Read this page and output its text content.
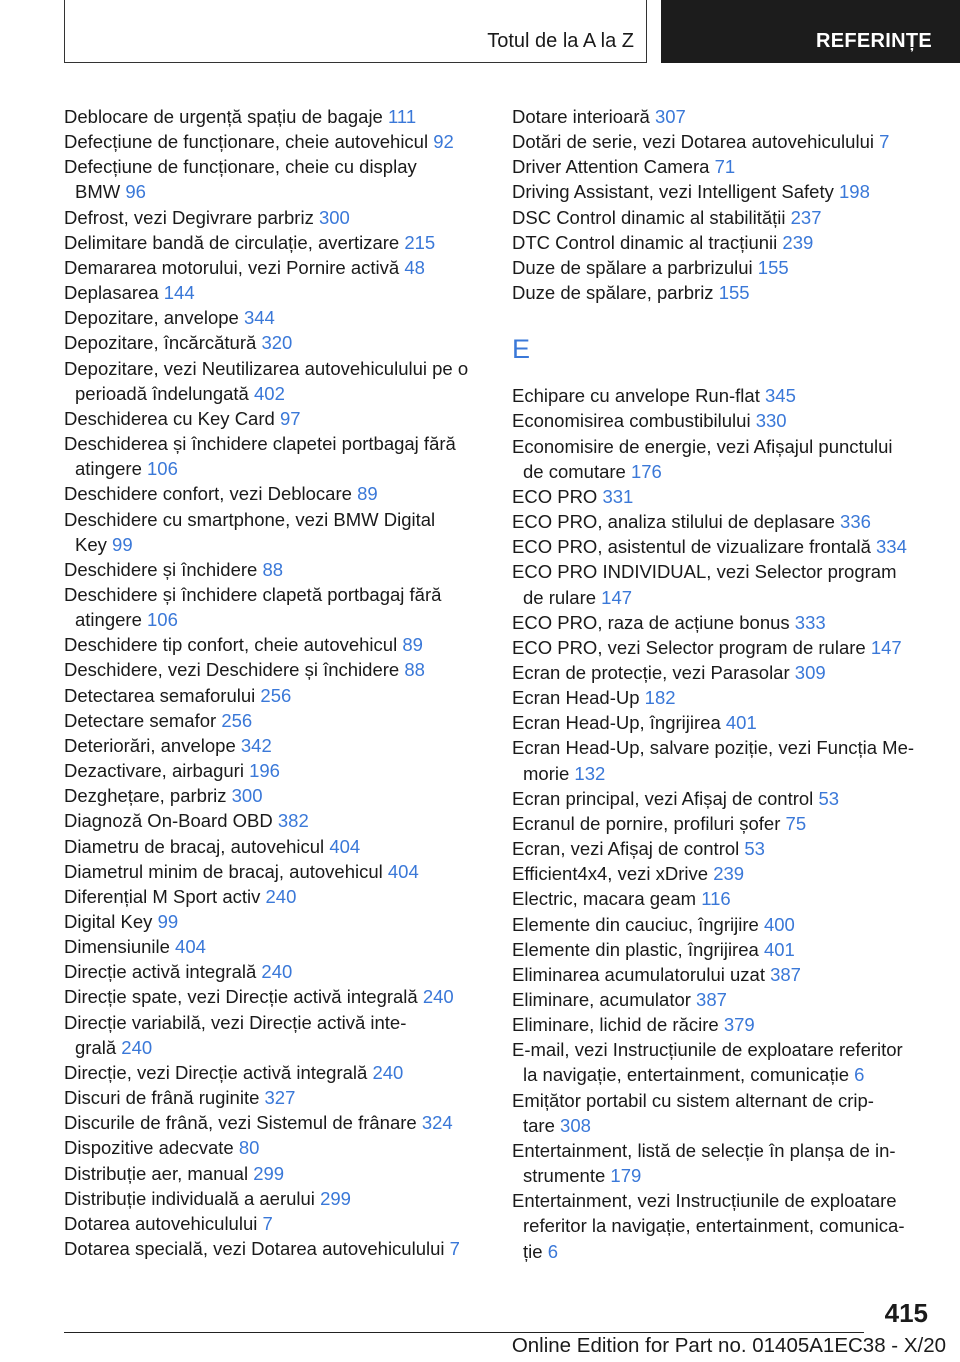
Totul de la A la Z	REFERINȚE
Deblocare de urgență spațiu de bagaje 111
Defecțiune de funcționare, cheie autovehicul 92
Defecțiune de funcționare, cheie cu display
BMW 96
Defrost, vezi Degivrare parbriz 300
Delimitare bandă de circulație, avertizare 215
Demararea motorului, vezi Pornire activă 48
Deplasarea 144
Depozitare, anvelope 344
Depozitare, încărcătură 320
Depozitare, vezi Neutilizarea autovehiculului pe o
perioadă îndelungată 402
Deschiderea cu Key Card 97
Deschiderea și închidere clapetei portbagaj fără
atingere 106
Deschidere confort, vezi Deblocare 89
Deschidere cu smartphone, vezi BMW Digital
Key 99
Deschidere și închidere 88
Deschidere și închidere clapetă portbagaj fără
atingere 106
Deschidere tip confort, cheie autovehicul 89
Deschidere, vezi Deschidere și închidere 88
Detectarea semaforului 256
Detectare semafor 256
Deteriorări, anvelope 342
Dezactivare, airbaguri 196
Dezghețare, parbriz 300
Diagnoză On-Board OBD 382
Diametru de bracaj, autovehicul 404
Diametrul minim de bracaj, autovehicul 404
Diferențial M Sport activ 240
Digital Key 99
Dimensiunile 404
Direcție activă integrală 240
Direcție spate, vezi Direcție activă integrală 240
Direcție variabilă, vezi Direcție activă inte-
grală 240
Direcție, vezi Direcție activă integrală 240
Discuri de frână ruginite 327
Discurile de frână, vezi Sistemul de frânare 324
Dispozitive adecvate 80
Distribuție aer, manual 299
Distribuție individuală a aerului 299
Dotarea autovehiculului 7
Dotarea specială, vezi Dotarea autovehiculului 7
Dotare interioară 307
Dotări de serie, vezi Dotarea autovehiculului 7
Driver Attention Camera 71
Driving Assistant, vezi Intelligent Safety 198
DSC Control dinamic al stabilității 237
DTC Control dinamic al tracțiunii 239
Duze de spălare a parbrizului 155
Duze de spălare, parbriz 155
E
Echipare cu anvelope Run-flat 345
Economisirea combustibilului 330
Economisire de energie, vezi Afișajul punctului
de comutare 176
ECO PRO 331
ECO PRO, analiza stilului de deplasare 336
ECO PRO, asistentul de vizualizare frontală 334
ECO PRO INDIVIDUAL, vezi Selector program
de rulare 147
ECO PRO, raza de acțiune bonus 333
ECO PRO, vezi Selector program de rulare 147
Ecran de protecție, vezi Parasolar 309
Ecran Head-Up 182
Ecran Head-Up, îngrijirea 401
Ecran Head-Up, salvare poziție, vezi Funcția Me-
morie 132
Ecran principal, vezi Afișaj de control 53
Ecranul de pornire, profiluri șofer 75
Ecran, vezi Afișaj de control 53
Efficient4x4, vezi xDrive 239
Electric, macara geam 116
Elemente din cauciuc, îngrijire 400
Elemente din plastic, îngrijirea 401
Eliminarea acumulatorului uzat 387
Eliminare, acumulator 387
Eliminare, lichid de răcire 379
E-mail, vezi Instrucțiunile de exploatare referitor
la navigație, entertainment, comunicație 6
Emițător portabil cu sistem alternant de crip-
tare 308
Entertainment, listă de selecție în planșa de in-
strumente 179
Entertainment, vezi Instrucțiunile de exploatare
referitor la navigație, entertainment, comunica-
ție 6
415
Online Edition for Part no. 01405A1EC38 - X/20
